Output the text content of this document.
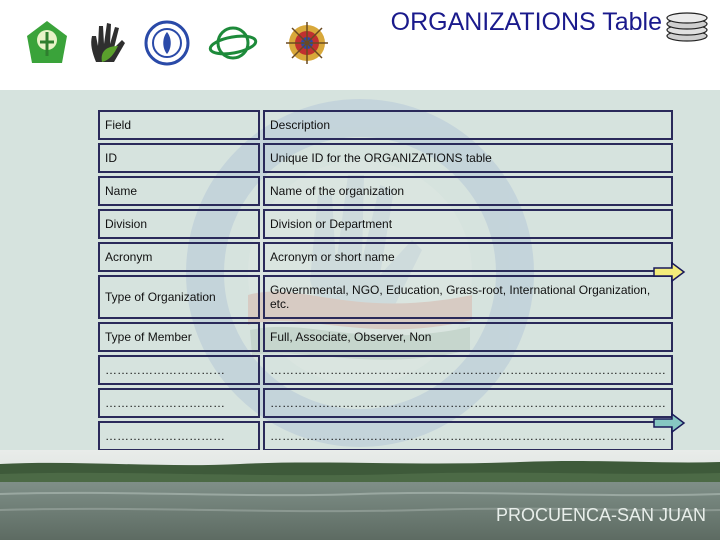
ORGANIZATIONS Table
Field	Description
ID	Unique ID for the ORGANIZATIONS table
Name	Name of the organization
Division	Division or Department
Acronym	Acronym or short name
Type of Organization	Governmental, NGO, Education, Grass-root, International Organization, etc.
Type of Member	Full, Associate, Observer, Non
…………………………	………………………………………………………………………………………
…………………………	………………………………………………………………………………………
…………………………	………………………………………………………………………………………

PROCUENCA-SAN JUAN
